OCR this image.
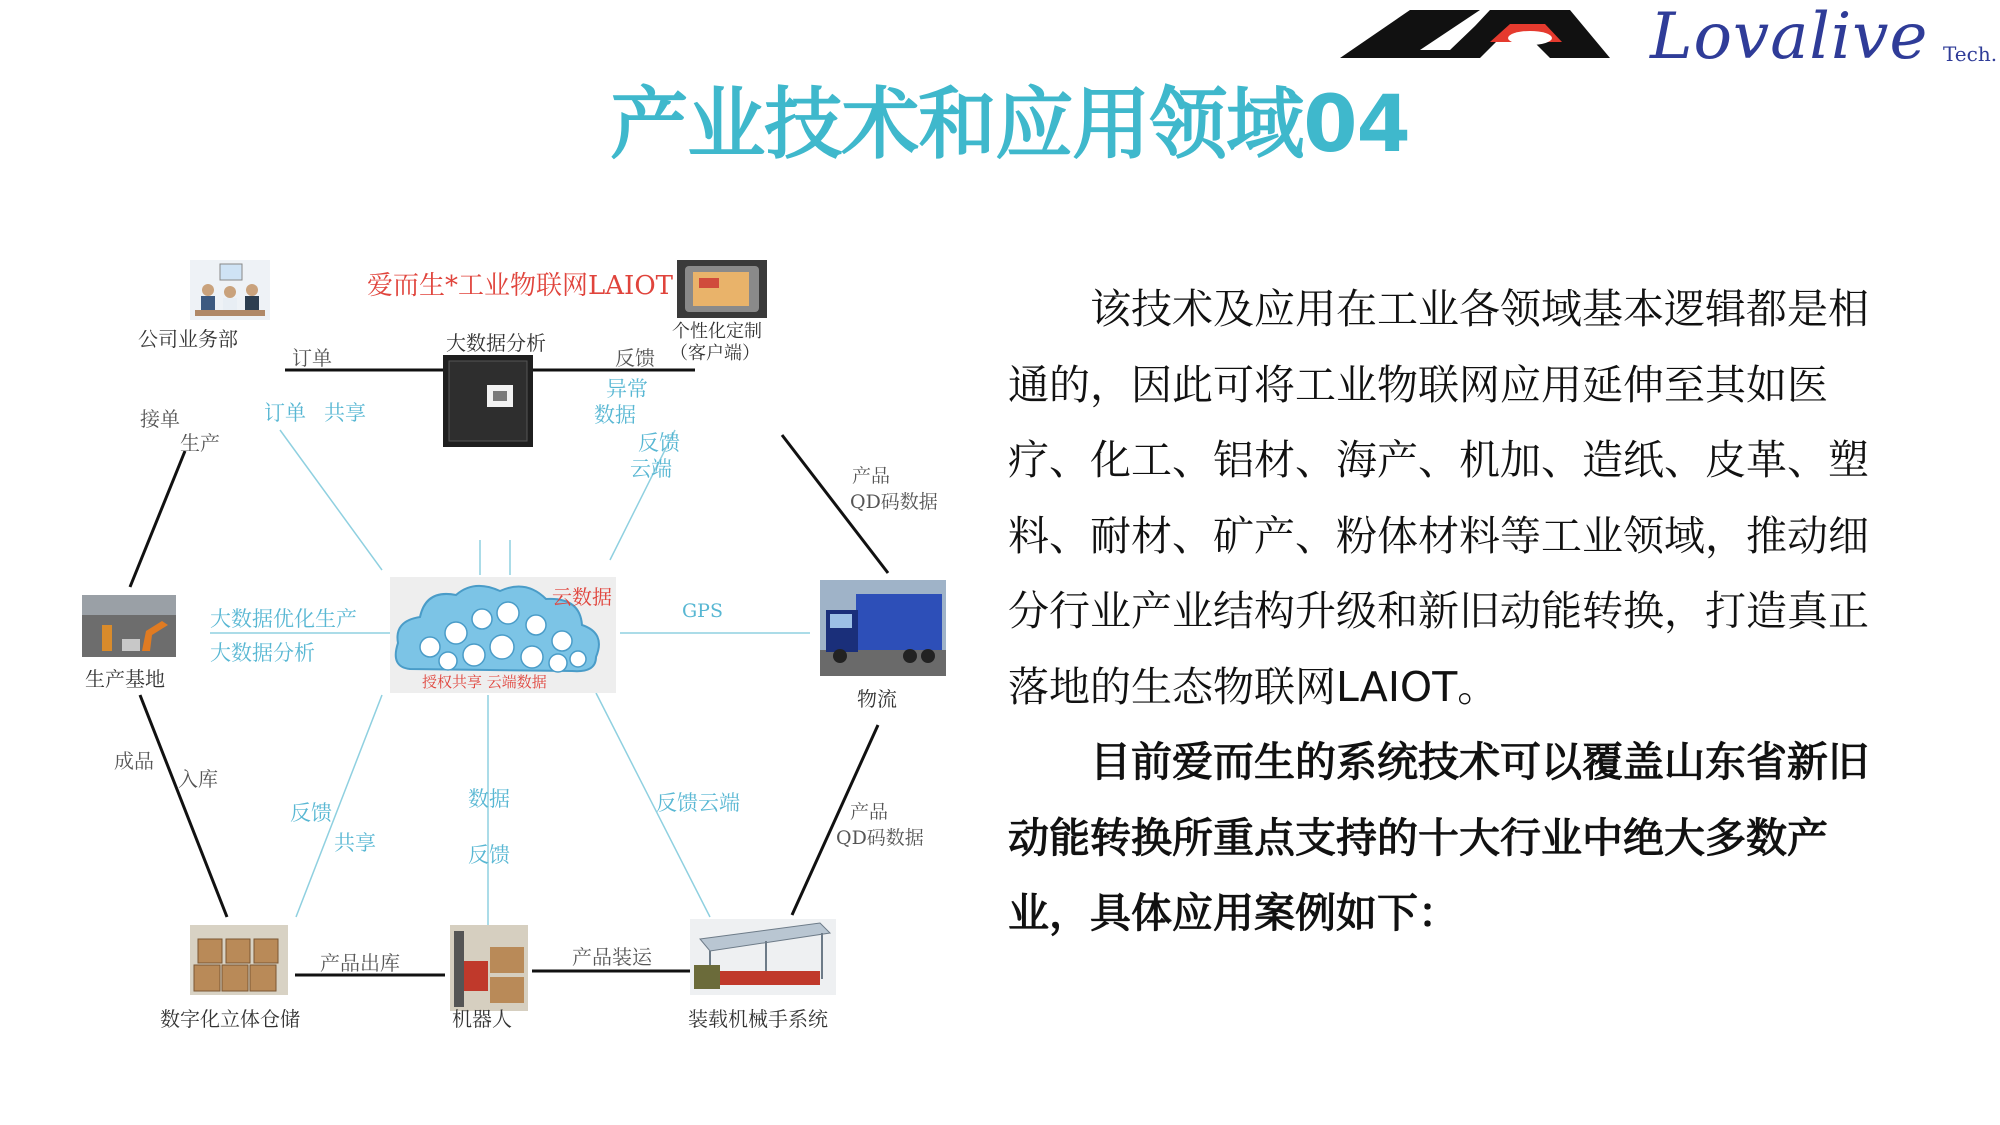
Lovalive Tech.
产业技术和应用领域04
爱而生*工业物联网LAIOT
公司业务部	个性化定制
（客户端）
大数据分析
云数据
授权共享 云端数据
生产基地
物流
数字化立体仓储	机器人	装载机械手系统
订单	反馈
接单
生产
订单 共享
异常
数据
反馈
云端	产品
QD码数据
大数据优化生产
大数据分析
GPS
成品
入库
反馈
共享
数据
反馈
反馈云端	产品
QD码数据
产品出库	产品装运
该技术及应用在工业各领域基本逻辑都是相通的，因此可将工业物联网应用延伸至其如医疗、化工、铝材、海产、机加、造纸、皮革、塑料、耐材、矿产、粉体材料等工业领域，推动细分行业产业结构升级和新旧动能转换，打造真正落地的生态物联网LAIOT。
目前爱而生的系统技术可以覆盖山东省新旧动能转换所重点支持的十大行业中绝大多数产业，具体应用案例如下：
